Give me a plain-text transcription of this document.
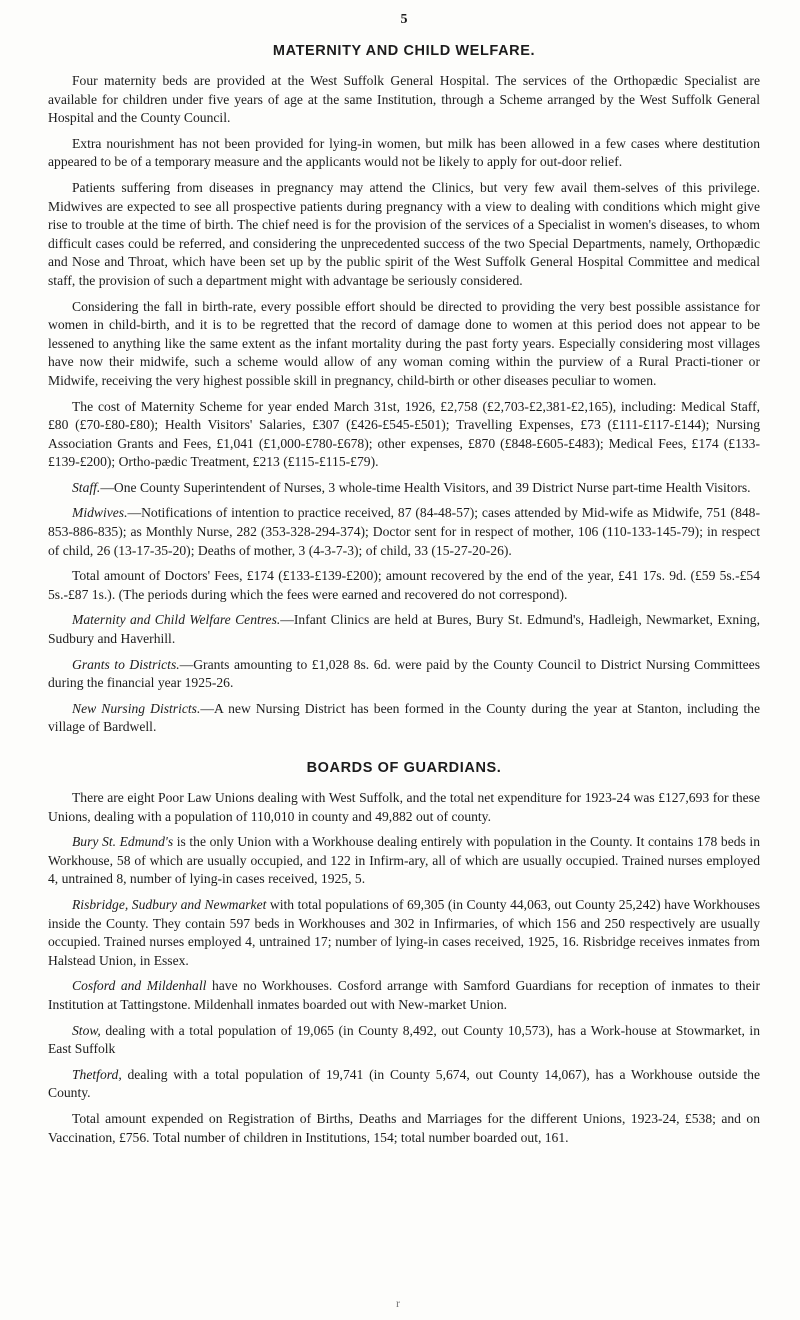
5
MATERNITY AND CHILD WELFARE.

Four maternity beds are provided at the West Suffolk General Hospital. The services of the Orthopædic Specialist are available for children under five years of age at the same Institution, through a Scheme arranged by the West Suffolk General Hospital and the County Council.

Extra nourishment has not been provided for lying-in women, but milk has been allowed in a few cases where destitution appeared to be of a temporary measure and the applicants would not be likely to apply for out-door relief.

Patients suffering from diseases in pregnancy may attend the Clinics, but very few avail them-selves of this privilege. Midwives are expected to see all prospective patients during pregnancy with a view to dealing with conditions which might give rise to trouble at the time of birth. The chief need is for the provision of the services of a Specialist in women's diseases, to whom difficult cases could be referred, and considering the unprecedented success of the two Special Departments, namely, Orthopædic and Nose and Throat, which have been set up by the public spirit of the West Suffolk General Hospital Committee and medical staff, the provision of such a department might with advantage be seriously considered.

Considering the fall in birth-rate, every possible effort should be directed to providing the very best possible assistance for women in child-birth, and it is to be regretted that the record of damage done to women at this period does not appear to be lessened to anything like the same extent as the infant mortality during the past forty years. Especially considering most villages have now their midwife, such a scheme would allow of any woman coming within the purview of a Rural Practi-tioner or Midwife, receiving the very highest possible skill in pregnancy, child-birth or other diseases peculiar to women.

The cost of Maternity Scheme for year ended March 31st, 1926, £2,758 (£2,703-£2,381-£2,165), including: Medical Staff, £80 (£70-£80-£80); Health Visitors' Salaries, £307 (£426-£545-£501); Travelling Expenses, £73 (£111-£117-£144); Nursing Association Grants and Fees, £1,041 (£1,000-£780-£678); other expenses, £870 (£848-£605-£483); Medical Fees, £174 (£133-£139-£200); Ortho-pædic Treatment, £213 (£115-£115-£79).

Staff.—One County Superintendent of Nurses, 3 whole-time Health Visitors, and 39 District Nurse part-time Health Visitors.

Midwives.—Notifications of intention to practice received, 87 (84-48-57); cases attended by Mid-wife as Midwife, 751 (848-853-886-835); as Monthly Nurse, 282 (353-328-294-374); Doctor sent for in respect of mother, 106 (110-133-145-79); in respect of child, 26 (13-17-35-20); Deaths of mother, 3 (4-3-7-3); of child, 33 (15-27-20-26).

Total amount of Doctors' Fees, £174 (£133-£139-£200); amount recovered by the end of the year, £41 17s. 9d. (£59 5s.-£54 5s.-£87 1s.). (The periods during which the fees were earned and recovered do not correspond).

Maternity and Child Welfare Centres.—Infant Clinics are held at Bures, Bury St. Edmund's, Hadleigh, Newmarket, Exning, Sudbury and Haverhill.

Grants to Districts.—Grants amounting to £1,028 8s. 6d. were paid by the County Council to District Nursing Committees during the financial year 1925-26.

New Nursing Districts.—A new Nursing District has been formed in the County during the year at Stanton, including the village of Bardwell.

BOARDS OF GUARDIANS.

There are eight Poor Law Unions dealing with West Suffolk, and the total net expenditure for 1923-24 was £127,693 for these Unions, dealing with a population of 110,010 in county and 49,882 out of county.

Bury St. Edmund's is the only Union with a Workhouse dealing entirely with population in the County. It contains 178 beds in Workhouse, 58 of which are usually occupied, and 122 in Infirm-ary, all of which are usually occupied. Trained nurses employed 4, untrained 8, number of lying-in cases received, 1925, 5.

Risbridge, Sudbury and Newmarket with total populations of 69,305 (in County 44,063, out County 25,242) have Workhouses inside the County. They contain 597 beds in Workhouses and 302 in Infirmaries, of which 156 and 250 respectively are usually occupied. Trained nurses employed 4, untrained 17; number of lying-in cases received, 1925, 16. Risbridge receives inmates from Halstead Union, in Essex.

Cosford and Mildenhall have no Workhouses. Cosford arrange with Samford Guardians for reception of inmates to their Institution at Tattingstone. Mildenhall inmates boarded out with New-market Union.

Stow, dealing with a total population of 19,065 (in County 8,492, out County 10,573), has a Work-house at Stowmarket, in East Suffolk

Thetford, dealing with a total population of 19,741 (in County 5,674, out County 14,067), has a Workhouse outside the County.

Total amount expended on Registration of Births, Deaths and Marriages for the different Unions, 1923-24, £538; and on Vaccination, £756. Total number of children in Institutions, 154; total number boarded out, 161.

r
